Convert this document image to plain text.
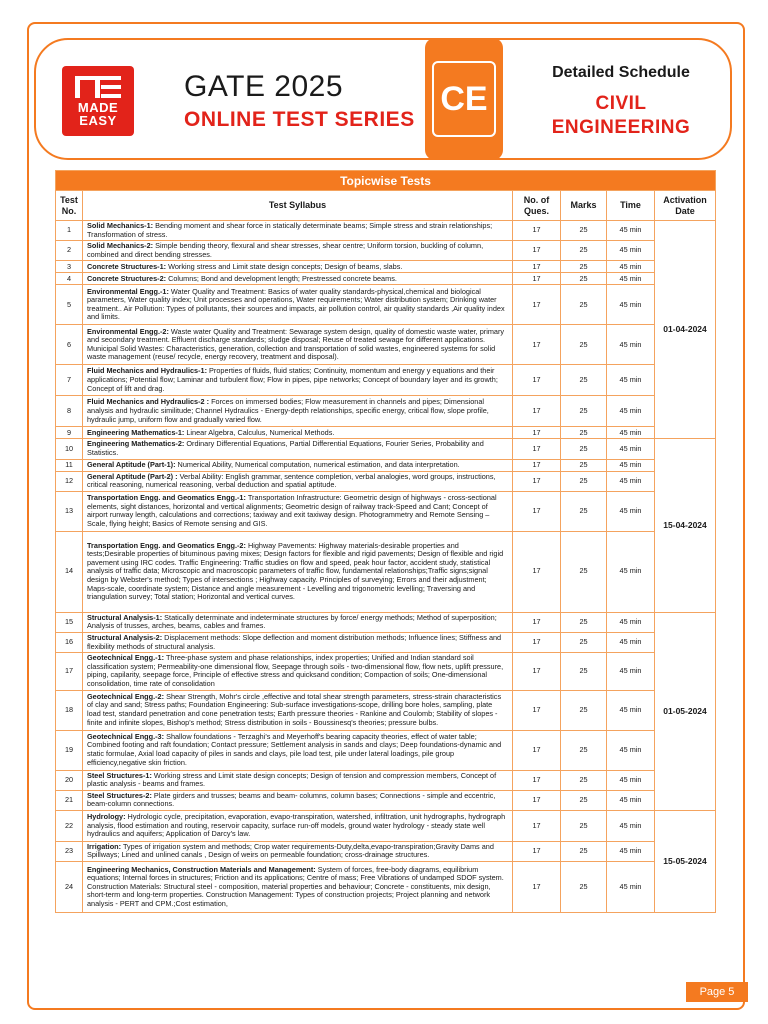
MADE
EASY
GATE 2025
ONLINE TEST SERIES
CE
Detailed Schedule
CIVIL
ENGINEERING
Topicwise Tests					
Test No.	Test Syllabus	No. of Ques.	Marks	Time	Activation Date
1	Solid Mechanics-1: Bending moment and shear force in statically determinate beams; Simple stress and strain relationships; Transformation of stress.	17	25	45 min	01-04-2024
2	Solid Mechanics-2: Simple bending theory, flexural and shear stresses, shear centre; Uniform torsion, buckling of column, combined and direct bending stresses.	17	25	45 min	
3	Concrete Structures-1: Working stress and Limit state design concepts; Design of beams, slabs.	17	25	45 min	
4	Concrete Structures-2: Columns; Bond and development length; Prestressed concrete beams.	17	25	45 min	
5	Environmental Engg.-1: Water Quality and Treatment: Basics of water quality standards-physical,chemical and biological parameters, Water quality index; Unit processes and operations, Water requirements; Water distribution system; Drinking water treatment.. Air Pollution: Types of pollutants, their sources and impacts, air pollution control, air quality standards ,Air quality index and limits.	17	25	45 min	
6	Environmental Engg.-2: Waste water Quality and Treatment: Sewarage system design, quality of domestic waste water, primary and secondary treatment. Effluent discharge standards; sludge disposal; Reuse of treated sewage for different applications. Municipal Solid Wastes: Characteristics, generation, collection and transportation of solid wastes, engineered systems for solid waste management (reuse/ recycle, energy recovery, treatment and disposal).	17	25	45 min	
7	Fluid Mechanics and Hydraulics-1: Properties of fluids, fluid statics; Continuity, momentum and energy y equations and their applications; Potential flow; Laminar and turbulent flow; Flow in pipes, pipe networks; Concept of boundary layer and its growth; Concept of lift and drag.	17	25	45 min	
8	Fluid Mechanics and Hydraulics-2 : Forces on immersed bodies; Flow measurement in channels and pipes; Dimensional analysis and hydraulic similitude; Channel Hydraulics - Energy-depth relationships, specific energy, critical flow, slope profile, hydraulic jump, uniform flow and gradually varied flow.	17	25	45 min	
9	Engineering Mathematics-1: Linear Algebra, Calculus, Numerical Methods.	17	25	45 min	
10	Engineering Mathematics-2: Ordinary Differential Equations, Partial Differential Equations, Fourier Series, Probability and Statistics.	17	25	45 min	15-04-2024
11	General Aptitude (Part-1): Numerical Ability, Numerical computation, numerical estimation, and data interpretation.	17	25	45 min	
12	General Aptitude (Part-2) : Verbal Ability: English grammar, sentence completion, verbal analogies, word groups, instructions, critical reasoning, numerical reasoning, verbal deduction and spatial aptitude.	17	25	45 min	
13	Transportation Engg. and Geomatics Engg.-1: Transportation Infrastructure: Geometric design of highways - cross-sectional elements, sight distances, horizontal and vertical alignments; Geometric design of railway track-Speed and Cant; Concept of airport runway length, calculations and corrections; taxiway and exit taxiway design. Photogrammetry and Remote Sensing – Scale, flying height; Basics of Remote sensing and GIS.	17	25	45 min	
14	Transportation Engg. and Geomatics Engg.-2: Highway Pavements: Highway materials-desirable properties and tests;Desirable properties of bituminous paving mixes; Design factors for flexible and rigid pavements; Design of flexible and rigid pavement using IRC codes. Traffic Engineering: Traffic studies on flow and speed, peak hour factor, accident study, statistical analysis of traffic data; Microscopic and macroscopic parameters of traffic flow, fundamental relationships;Traffic signs;signal design by Webster's method; Types of intersections ; Highway capacity. Principles of surveying; Errors and their adjustment; Maps-scale, coordinate system; Distance and angle measurement - Levelling and trigonometric levelling; Traversing and triangulation survey; Total station; Horizontal and vertical curves.	17	25	45 min	
15	Structural Analysis-1: Statically determinate and indeterminate structures by force/ energy methods; Method of superposition; Analysis of trusses, arches, beams, cables and frames.	17	25	45 min	01-05-2024
16	Structural Analysis-2: Displacement methods: Slope deflection and moment distribution methods; Influence lines; Stiffness and flexibility methods of structural analysis.	17	25	45 min	
17	Geotechnical Engg.-1: Three-phase system and phase relationships, index properties; Unified and Indian standard soil classification system; Permeability-one dimensional flow, Seepage through soils - two-dimensional flow, flow nets, uplift pressure, piping, capilarity, seepage force, Principle of effective stress and quicksand condition; Compaction of soils; One-dimensional consolidation, time rate of consolidation	17	25	45 min	
18	Geotechnical Engg.-2: Shear Strength, Mohr's circle ,effective and total shear strength parameters, stress-strain characteristics of clay and sand; Stress paths; Foundation Engineering: Sub-surface investigations-scope, drilling bore holes, sampling, plate load test, standard penetration and cone penetration tests; Earth pressure theories - Rankine and Coulomb; Stability of slopes - finite and infinite slopes, Bishop's method; Stress distribution in soils - Boussinesq's theories; pressure bulbs.	17	25	45 min	
19	Geotechnical Engg.-3: Shallow foundations - Terzaghi's and Meyerhoff's bearing capacity theories, effect of water table; Combined footing and raft foundation; Contact pressure; Settlement analysis in sands and clays; Deep foundations-dynamic and static formulae, Axial load capacity of piles in sands and clays, pile load test, pile under lateral loadings, pile group efficiency,negative skin friction.	17	25	45 min	
20	Steel Structures-1: Working stress and Limit state design concepts; Design of tension and compression members, Concept of plastic analysis - beams and frames.	17	25	45 min	
21	Steel Structures-2: Plate girders and trusses; beams and beam- columns, column bases; Connections - simple and eccentric, beam-column connections.	17	25	45 min	
22	Hydrology: Hydrologic cycle, precipitation, evaporation, evapo-transpiration, watershed, infiltration, unit hydrographs, hydrograph analysis, flood estimation and routing, reservoir capacity, surface run-off models, ground water hydrology - steady state well hydraulics and aquifers; Application of Darcy's law.	17	25	45 min	15-05-2024
23	Irrigation: Types of irrigation system and methods; Crop water requirements-Duty,delta,evapo-transpiration;Gravity Dams and Spillways; Lined and unlined canals , Design of weirs on permeable foundation; cross-drainage structures.	17	25	45 min	
24	Engineering Mechanics, Construction Materials and Management: System of forces, free-body diagrams, equilibrium equations; Internal forces in structures; Friction and its applications; Centre of mass; Free Vibrations of undamped SDOF system. Construction Materials: Structural steel - composition, material properties and behaviour; Concrete - constituents, mix design, short-term and long-term properties. Construction Management: Types of construction projects; Project planning and network analysis - PERT and CPM.;Cost estimation,	17	25	45 min	
Page 5
